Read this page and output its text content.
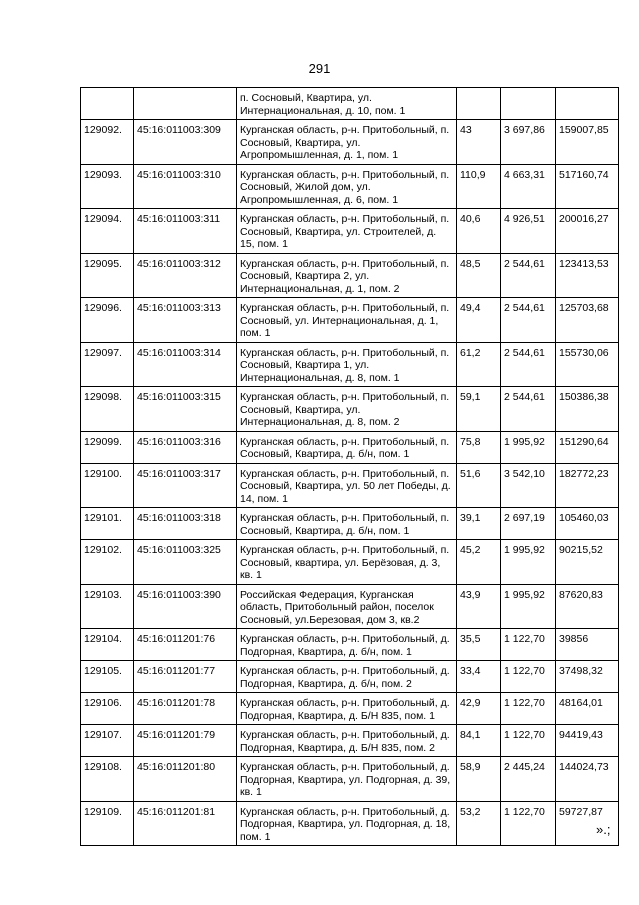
291
		п. Сосновый, Квартира, ул. Интернациональная, д. 10, пом. 1			
129092.	45:16:011003:309	Курганская область, р-н. Притобольный, п. Сосновый, Квартира, ул. Агропромышленная, д. 1, пом. 1	43	3 697,86	159007,85
129093.	45:16:011003:310	Курганская область, р-н. Притобольный, п. Сосновый, Жилой дом, ул. Агропромышленная, д. 6, пом. 1	110,9	4 663,31	517160,74
129094.	45:16:011003:311	Курганская область, р-н. Притобольный, п. Сосновый, Квартира, ул. Строителей, д. 15, пом. 1	40,6	4 926,51	200016,27
129095.	45:16:011003:312	Курганская область, р-н. Притобольный, п. Сосновый, Квартира 2, ул. Интернациональная, д. 1, пом. 2	48,5	2 544,61	123413,53
129096.	45:16:011003:313	Курганская область, р-н. Притобольный, п. Сосновый, ул. Интернациональная, д. 1, пом. 1	49,4	2 544,61	125703,68
129097.	45:16:011003:314	Курганская область, р-н. Притобольный, п. Сосновый, Квартира 1, ул. Интернациональная, д. 8, пом. 1	61,2	2 544,61	155730,06
129098.	45:16:011003:315	Курганская область, р-н. Притобольный, п. Сосновый, Квартира, ул. Интернациональная, д. 8, пом. 2	59,1	2 544,61	150386,38
129099.	45:16:011003:316	Курганская область, р-н. Притобольный, п. Сосновый, Квартира, д. б/н, пом. 1	75,8	1 995,92	151290,64
129100.	45:16:011003:317	Курганская область, р-н. Притобольный, п. Сосновый, Квартира, ул. 50 лет Победы, д. 14, пом. 1	51,6	3 542,10	182772,23
129101.	45:16:011003:318	Курганская область, р-н. Притобольный, п. Сосновый, Квартира, д. б/н, пом. 1	39,1	2 697,19	105460,03
129102.	45:16:011003:325	Курганская область, р-н. Притобольный, п. Сосновый, квартира, ул. Берёзовая, д. 3, кв. 1	45,2	1 995,92	90215,52
129103.	45:16:011003:390	Российская Федерация, Курганская область, Притобольный район, поселок Сосновый, ул.Березовая, дом 3, кв.2	43,9	1 995,92	87620,83
129104.	45:16:011201:76	Курганская область, р-н. Притобольный, д. Подгорная, Квартира, д. б/н, пом. 1	35,5	1 122,70	39856
129105.	45:16:011201:77	Курганская область, р-н. Притобольный, д. Подгорная, Квартира, д. б/н, пом. 2	33,4	1 122,70	37498,32
129106.	45:16:011201:78	Курганская область, р-н. Притобольный, д. Подгорная, Квартира, д. Б/Н 835, пом. 1	42,9	1 122,70	48164,01
129107.	45:16:011201:79	Курганская область, р-н. Притобольный, д. Подгорная, Квартира, д. Б/Н 835, пом. 2	84,1	1 122,70	94419,43
129108.	45:16:011201:80	Курганская область, р-н. Притобольный, д. Подгорная, Квартира, ул. Подгорная, д. 39, кв. 1	58,9	2 445,24	144024,73
129109.	45:16:011201:81	Курганская область, р-н. Притобольный, д. Подгорная, Квартира, ул. Подгорная, д. 18, пом. 1	53,2	1 122,70	59727,87
».;
